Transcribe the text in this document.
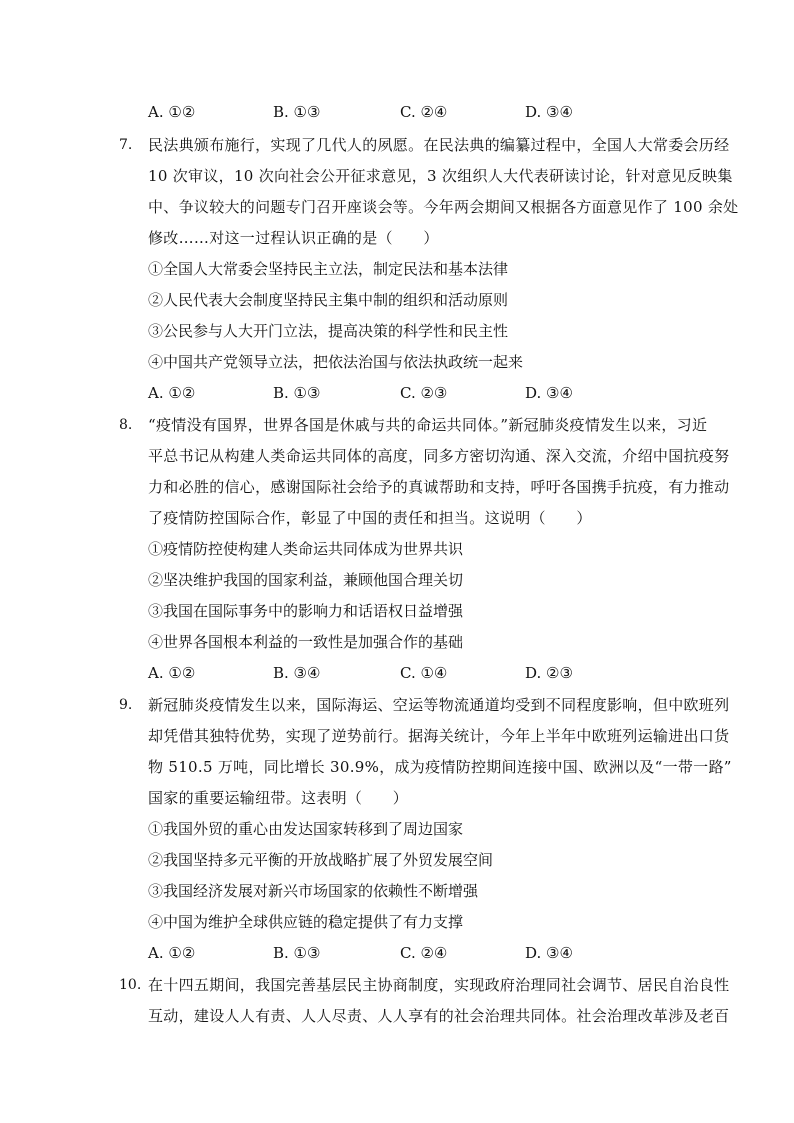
A. ①②	B. ①③	C. ②④	D. ③④
7. 民法典颁布施行，实现了几代人的夙愿。在民法典的编纂过程中，全国人大常委会历经
10 次审议，10 次向社会公开征求意见，3 次组织人大代表研读讨论，针对意见反映集
中、争议较大的问题专门召开座谈会等。今年两会期间又根据各方面意见作了 100 余处
修改……对这一过程认识正确的是（　　）
①全国人大常委会坚持民主立法，制定民法和基本法律
②人民代表大会制度坚持民主集中制的组织和活动原则
③公民参与人大开门立法，提高决策的科学性和民主性
④中国共产党领导立法，把依法治国与依法执政统一起来
A. ①②	B. ①③	C. ②③	D. ③④
8. “疫情没有国界，世界各国是休戚与共的命运共同体。”新冠肺炎疫情发生以来，习近
平总书记从构建人类命运共同体的高度，同多方密切沟通、深入交流，介绍中国抗疫努
力和必胜的信心，感谢国际社会给予的真诚帮助和支持，呼吁各国携手抗疫，有力推动
了疫情防控国际合作，彰显了中国的责任和担当。这说明（　　）
①疫情防控使构建人类命运共同体成为世界共识
②坚决维护我国的国家利益，兼顾他国合理关切
③我国在国际事务中的影响力和话语权日益增强
④世界各国根本利益的一致性是加强合作的基础
A. ①②	B. ③④	C. ①④	D. ②③
9. 新冠肺炎疫情发生以来，国际海运、空运等物流通道均受到不同程度影响，但中欧班列
却凭借其独特优势，实现了逆势前行。据海关统计，今年上半年中欧班列运输进出口货
物 510.5 万吨，同比增长 30.9%，成为疫情防控期间连接中国、欧洲以及“一带一路”
国家的重要运输纽带。这表明（　　）
①我国外贸的重心由发达国家转移到了周边国家
②我国坚持多元平衡的开放战略扩展了外贸发展空间
③我国经济发展对新兴市场国家的依赖性不断增强
④中国为维护全球供应链的稳定提供了有力支撑
A. ①②	B. ①③	C. ②④	D. ③④
10. 在十四五期间，我国完善基层民主协商制度，实现政府治理同社会调节、居民自治良性
互动，建设人人有责、人人尽责、人人享有的社会治理共同体。社会治理改革涉及老百
